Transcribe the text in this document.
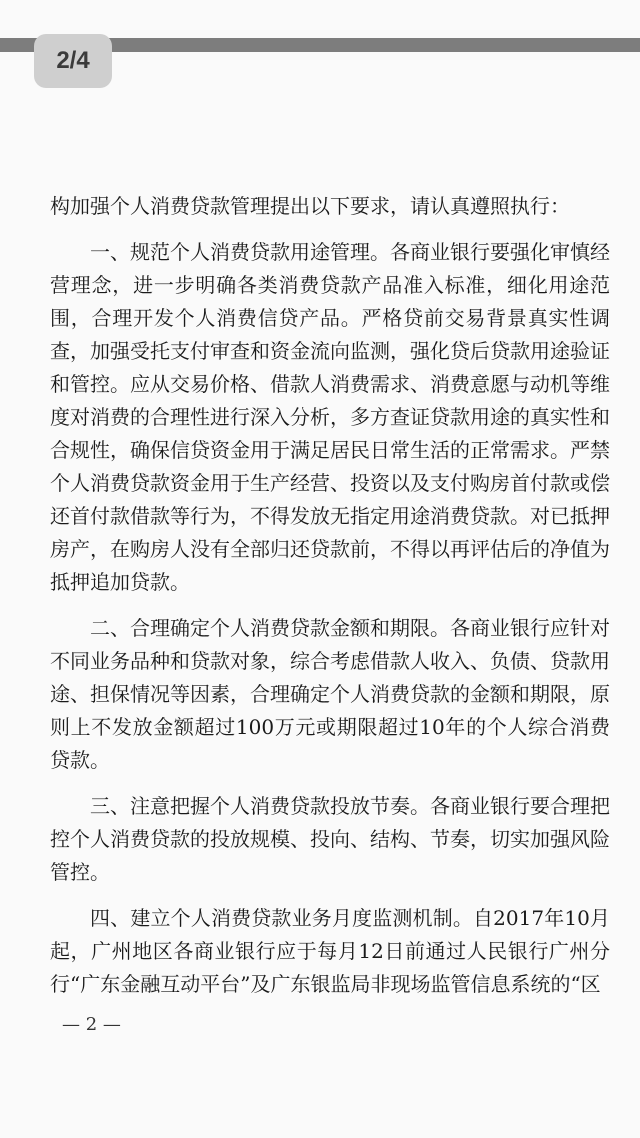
2/4

构加强个人消费贷款管理提出以下要求，请认真遵照执行：

一、规范个人消费贷款用途管理。各商业银行要强化审慎经营理念，进一步明确各类消费贷款产品准入标准，细化用途范围，合理开发个人消费信贷产品。严格贷前交易背景真实性调查，加强受托支付审查和资金流向监测，强化贷后贷款用途验证和管控。应从交易价格、借款人消费需求、消费意愿与动机等维度对消费的合理性进行深入分析，多方查证贷款用途的真实性和合规性，确保信贷资金用于满足居民日常生活的正常需求。严禁个人消费贷款资金用于生产经营、投资以及支付购房首付款或偿还首付款借款等行为，不得发放无指定用途消费贷款。对已抵押房产，在购房人没有全部归还贷款前，不得以再评估后的净值为抵押追加贷款。

二、合理确定个人消费贷款金额和期限。各商业银行应针对不同业务品种和贷款对象，综合考虑借款人收入、负债、贷款用途、担保情况等因素，合理确定个人消费贷款的金额和期限，原则上不发放金额超过100万元或期限超过10年的个人综合消费贷款。

三、注意把握个人消费贷款投放节奏。各商业银行要合理把控个人消费贷款的投放规模、投向、结构、节奏，切实加强风险管控。

四、建立个人消费贷款业务月度监测机制。自2017年10月起，广州地区各商业银行应于每月12日前通过人民银行广州分行“广东金融互动平台”及广东银监局非现场监管信息系统的“区

— 2 —
